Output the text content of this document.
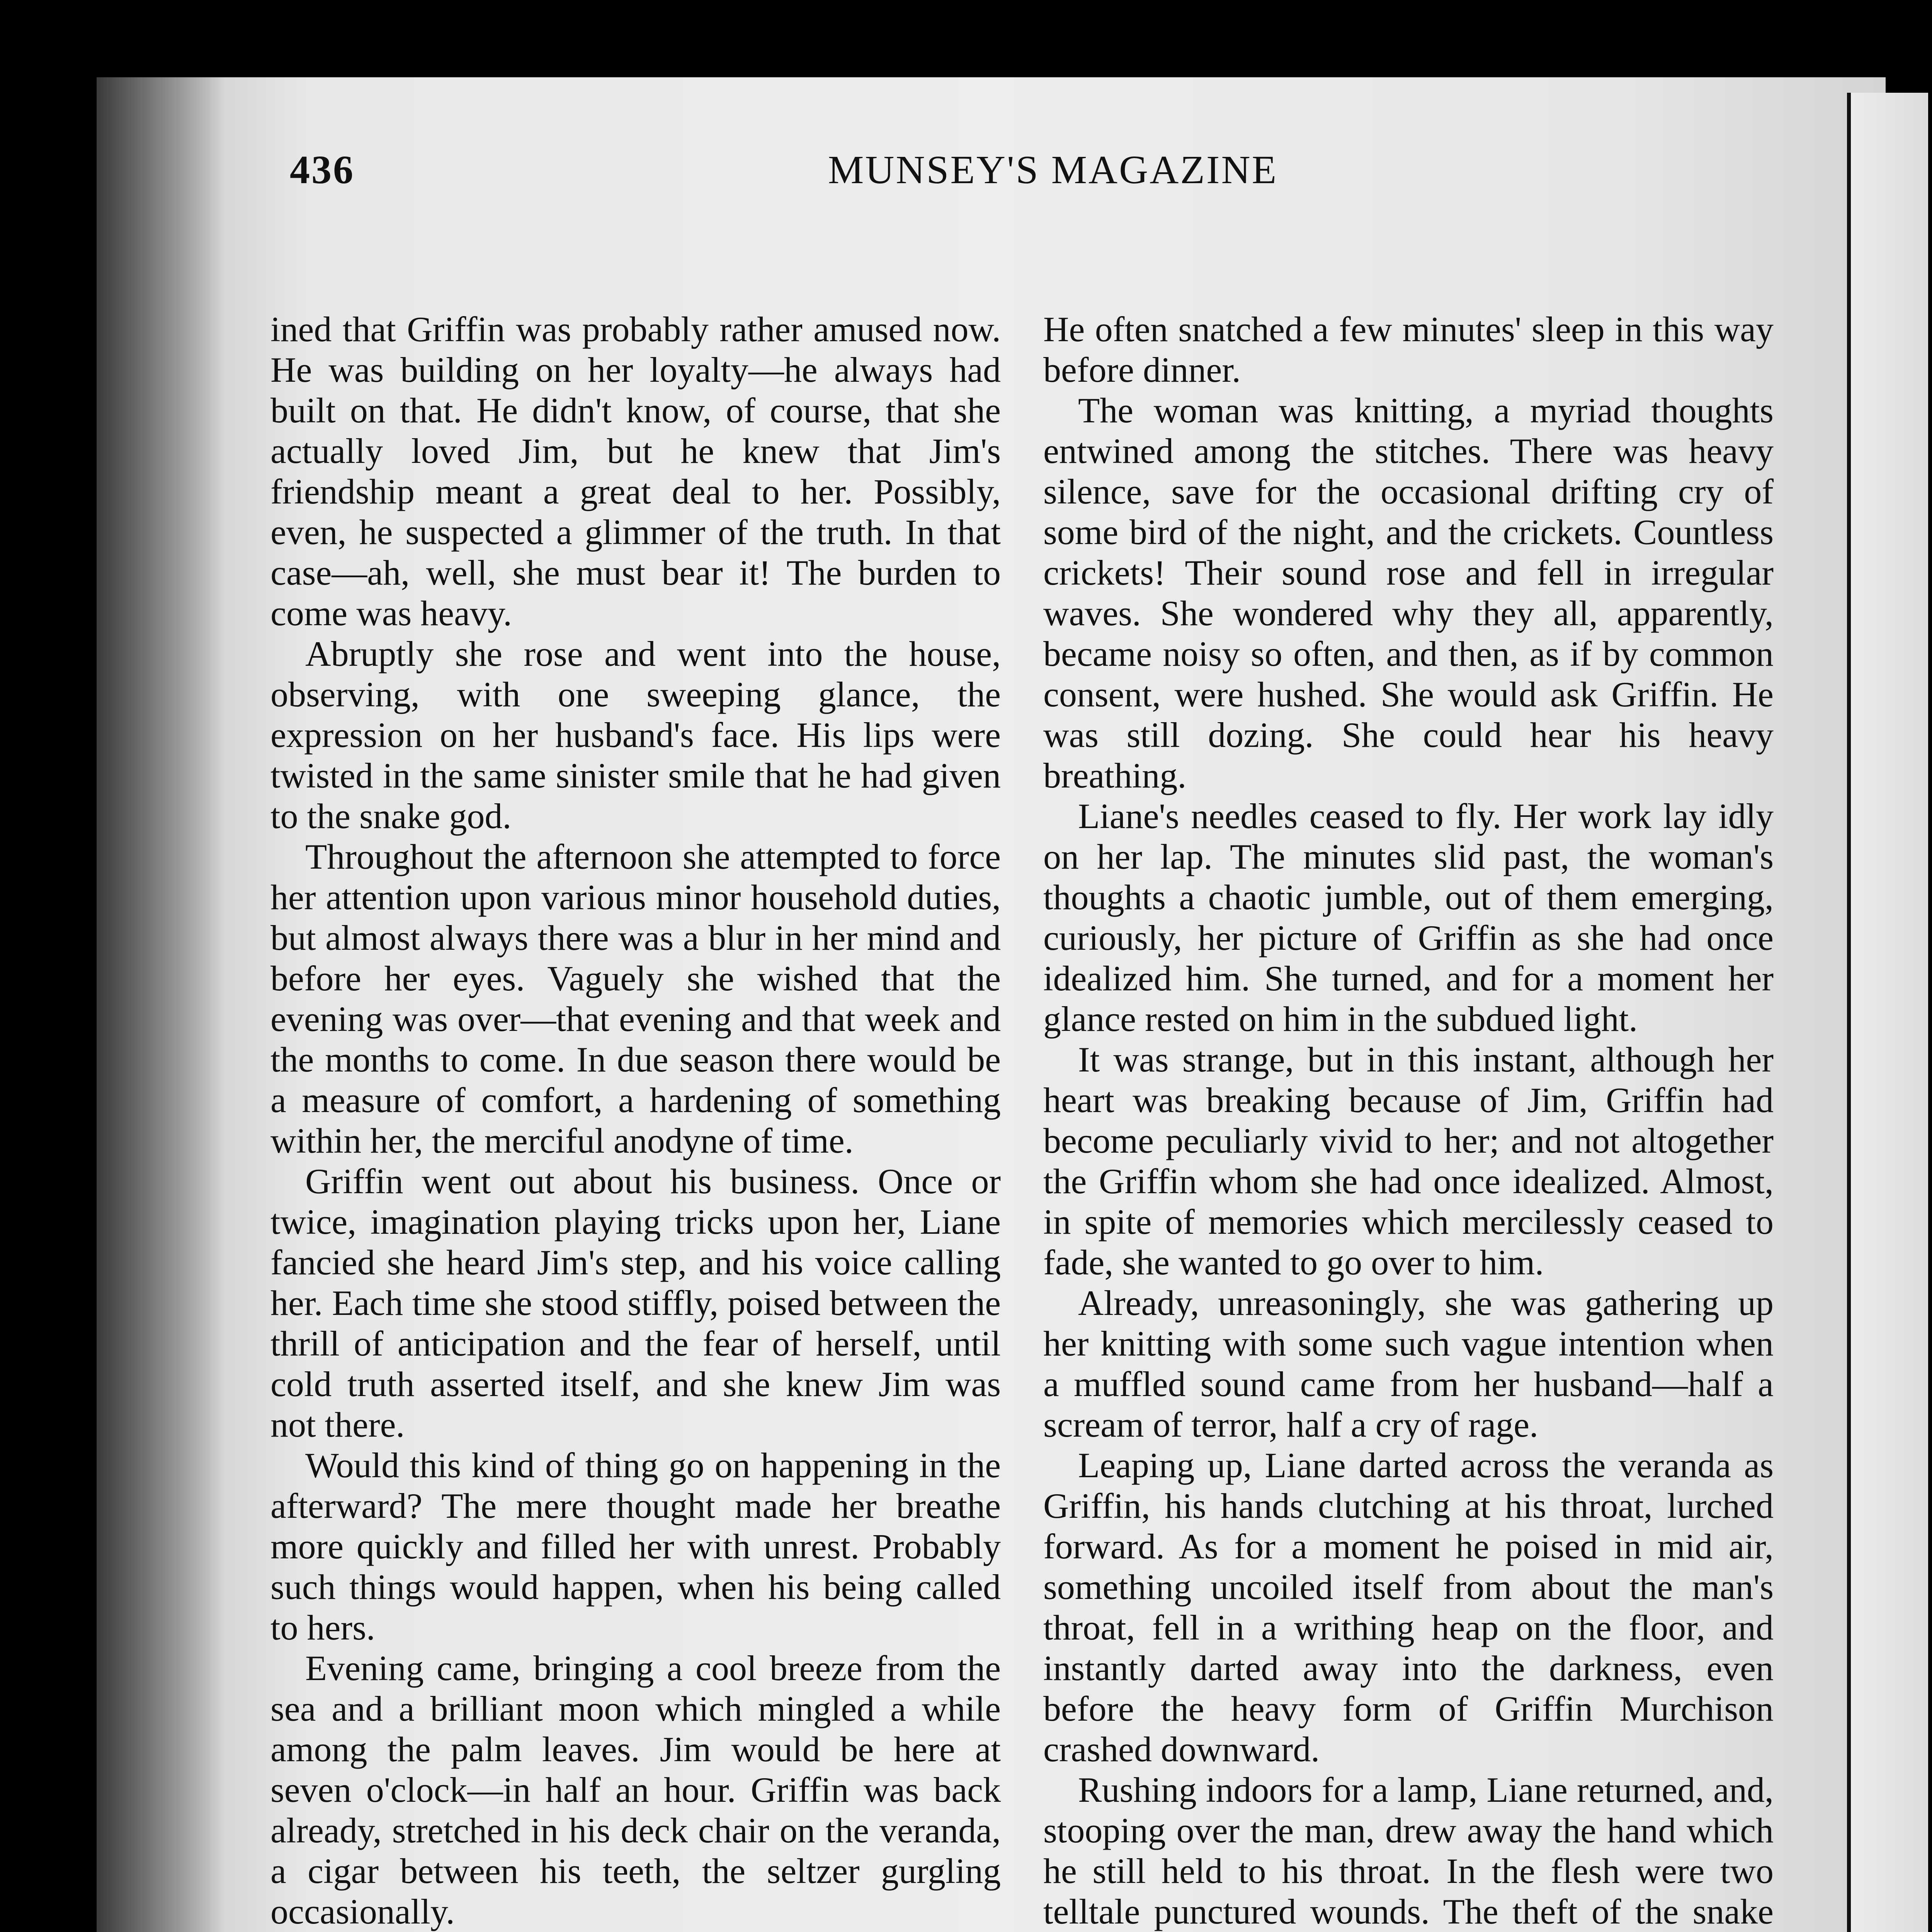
436	MUNSEY'S MAGAZINE

ined that Griffin was probably rather amused now. He was building on her loyalty—he always had built on that. He didn't know, of course, that she actually loved Jim, but he knew that Jim's friendship meant a great deal to her. Possibly, even, he suspected a glimmer of the truth. In that case—ah, well, she must bear it! The burden to come was heavy.

Abruptly she rose and went into the house, observing, with one sweeping glance, the expression on her husband's face. His lips were twisted in the same sinister smile that he had given to the snake god.

Throughout the afternoon she attempted to force her attention upon various minor household duties, but almost always there was a blur in her mind and before her eyes. Vaguely she wished that the evening was over—that evening and that week and the months to come. In due season there would be a measure of comfort, a hardening of something within her, the merciful anodyne of time.

Griffin went out about his business. Once or twice, imagination playing tricks upon her, Liane fancied she heard Jim's step, and his voice calling her. Each time she stood stiffly, poised between the thrill of anticipation and the fear of herself, until cold truth asserted itself, and she knew Jim was not there.

Would this kind of thing go on happening in the afterward? The mere thought made her breathe more quickly and filled her with unrest. Probably such things would happen, when his being called to hers.

Evening came, bringing a cool breeze from the sea and a brilliant moon which mingled a while among the palm leaves. Jim would be here at seven o'clock—in half an hour. Griffin was back already, stretched in his deck chair on the veranda, a cigar between his teeth, the seltzer gurgling occasionally.

He often snatched a few minutes' sleep in this way before dinner.

The woman was knitting, a myriad thoughts entwined among the stitches. There was heavy silence, save for the occasional drifting cry of some bird of the night, and the crickets. Countless crickets! Their sound rose and fell in irregular waves. She wondered why they all, apparently, became noisy so often, and then, as if by common consent, were hushed. She would ask Griffin. He was still dozing. She could hear his heavy breathing.

Liane's needles ceased to fly. Her work lay idly on her lap. The minutes slid past, the woman's thoughts a chaotic jumble, out of them emerging, curiously, her picture of Griffin as she had once idealized him. She turned, and for a moment her glance rested on him in the subdued light.

It was strange, but in this instant, although her heart was breaking because of Jim, Griffin had become peculiarly vivid to her; and not altogether the Griffin whom she had once idealized. Almost, in spite of memories which mercilessly ceased to fade, she wanted to go over to him.

Already, unreasoningly, she was gathering up her knitting with some such vague intention when a muffled sound came from her husband—half a scream of terror, half a cry of rage.

Leaping up, Liane darted across the veranda as Griffin, his hands clutching at his throat, lurched forward. As for a moment he poised in mid air, something uncoiled itself from about the man's throat, fell in a writhing heap on the floor, and instantly darted away into the darkness, even before the heavy form of Griffin Murchison crashed downward.

Rushing indoors for a lamp, Liane returned, and, stooping over the man, drew away the hand which he still held to his throat. In the flesh were two telltale punctured wounds. The theft of the snake
